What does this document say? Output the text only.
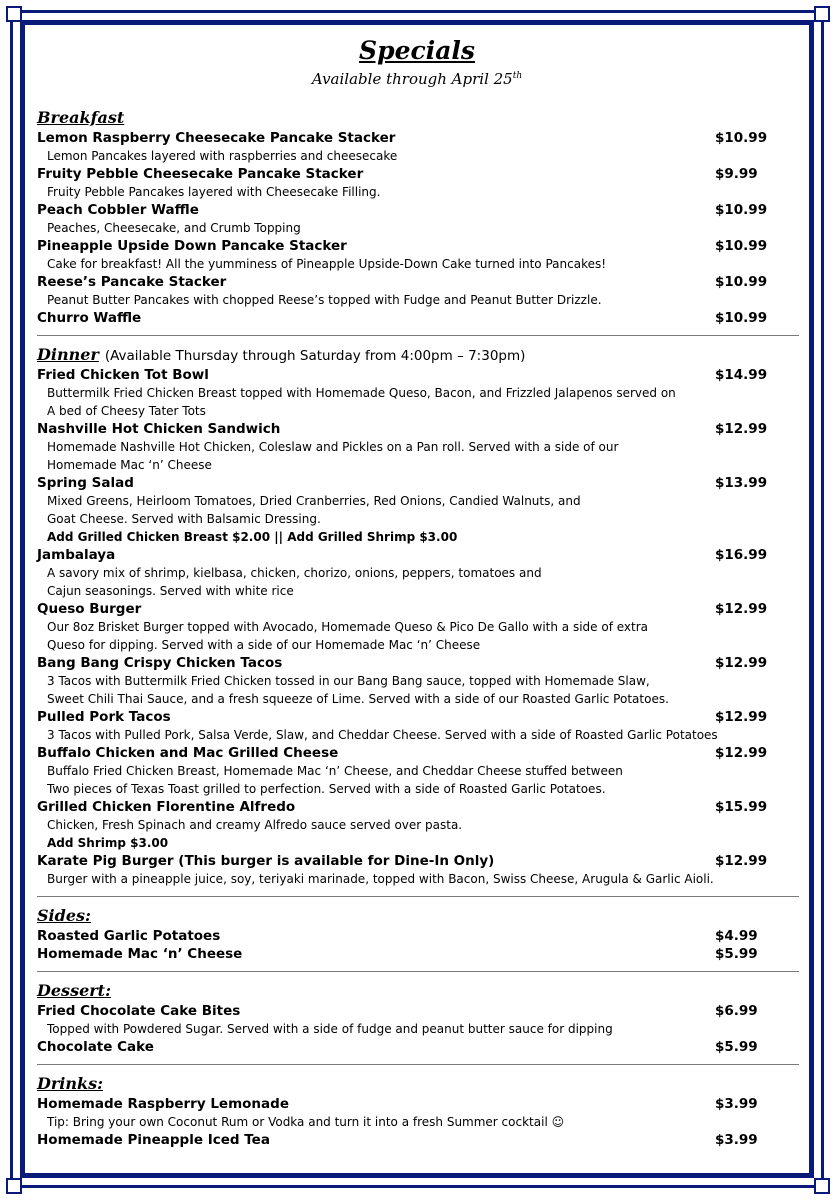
Specials

Available through April 25th

Breakfast
Lemon Raspberry Cheesecake Pancake Stacker	$10.99
Lemon Pancakes layered with raspberries and cheesecake
Fruity Pebble Cheesecake Pancake Stacker	$9.99
Fruity Pebble Pancakes layered with Cheesecake Filling.
Peach Cobbler Waffle	$10.99
Peaches, Cheesecake, and Crumb Topping
Pineapple Upside Down Pancake Stacker	$10.99
Cake for breakfast! All the yumminess of Pineapple Upside-Down Cake turned into Pancakes!
Reese’s Pancake Stacker	$10.99
Peanut Butter Pancakes with chopped Reese’s topped with Fudge and Peanut Butter Drizzle.
Churro Waffle	$10.99
Dinner (Available Thursday through Saturday from 4:00pm – 7:30pm)
Fried Chicken Tot Bowl	$14.99
Buttermilk Fried Chicken Breast topped with Homemade Queso, Bacon, and Frizzled Jalapenos served on
A bed of Cheesy Tater Tots
Nashville Hot Chicken Sandwich	$12.99
Homemade Nashville Hot Chicken, Coleslaw and Pickles on a Pan roll. Served with a side of our
Homemade Mac ‘n’ Cheese
Spring Salad	$13.99
Mixed Greens, Heirloom Tomatoes, Dried Cranberries, Red Onions, Candied Walnuts, and
Goat Cheese. Served with Balsamic Dressing.
Add Grilled Chicken Breast $2.00 || Add Grilled Shrimp $3.00
Jambalaya	$16.99
A savory mix of shrimp, kielbasa, chicken, chorizo, onions, peppers, tomatoes and
Cajun seasonings. Served with white rice
Queso Burger	$12.99
Our 8oz Brisket Burger topped with Avocado, Homemade Queso & Pico De Gallo with a side of extra
Queso for dipping. Served with a side of our Homemade Mac ‘n’ Cheese
Bang Bang Crispy Chicken Tacos	$12.99
3 Tacos with Buttermilk Fried Chicken tossed in our Bang Bang sauce, topped with Homemade Slaw,
Sweet Chili Thai Sauce, and a fresh squeeze of Lime. Served with a side of our Roasted Garlic Potatoes.
Pulled Pork Tacos	$12.99
3 Tacos with Pulled Pork, Salsa Verde, Slaw, and Cheddar Cheese. Served with a side of Roasted Garlic Potatoes
Buffalo Chicken and Mac Grilled Cheese	$12.99
Buffalo Fried Chicken Breast, Homemade Mac ‘n’ Cheese, and Cheddar Cheese stuffed between
Two pieces of Texas Toast grilled to perfection. Served with a side of Roasted Garlic Potatoes.
Grilled Chicken Florentine Alfredo	$15.99
Chicken, Fresh Spinach and creamy Alfredo sauce served over pasta.
Add Shrimp $3.00
Karate Pig Burger (This burger is available for Dine-In Only)	$12.99
Burger with a pineapple juice, soy, teriyaki marinade, topped with Bacon, Swiss Cheese, Arugula & Garlic Aioli.
Sides:
Roasted Garlic Potatoes	$4.99
Homemade Mac ‘n’ Cheese	$5.99
Dessert:
Fried Chocolate Cake Bites	$6.99
Topped with Powdered Sugar. Served with a side of fudge and peanut butter sauce for dipping
Chocolate Cake	$5.99
Drinks:
Homemade Raspberry Lemonade	$3.99
Tip: Bring your own Coconut Rum or Vodka and turn it into a fresh Summer cocktail ☺
Homemade Pineapple Iced Tea	$3.99
